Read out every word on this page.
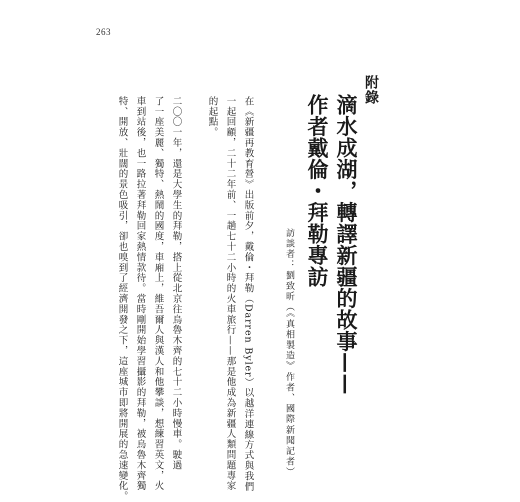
263
附錄
滴水成湖，轉譯新疆的故事——
作者戴倫・拜勒專訪
訪談者：劉致昕（《真相製造》作者、國際新聞記者）
在《新疆再教育營》出版前夕，戴倫・拜勒（Darren Byler）以越洋連線方式與我們
一起回顧，二十二年前、一趟七十二小時的火車旅行——那是他成為新疆人類問題專家
的起點。
二〇〇一年，還是大學生的拜勒，搭上從北京往烏魯木齊的七十二小時慢車。駛過
了一座美麗、獨特、熱鬧的國度，車廂上，維吾爾人與漢人和他攀談，想練習英文，火
車到站後，也一路拉著拜勒回家熱情款待。當時剛開始學習攝影的拜勒，被烏魯木齊獨
特、開放、壯闊的景色吸引，卻也嗅到了經濟開發之下，這座城市即將開展的急速變化。
